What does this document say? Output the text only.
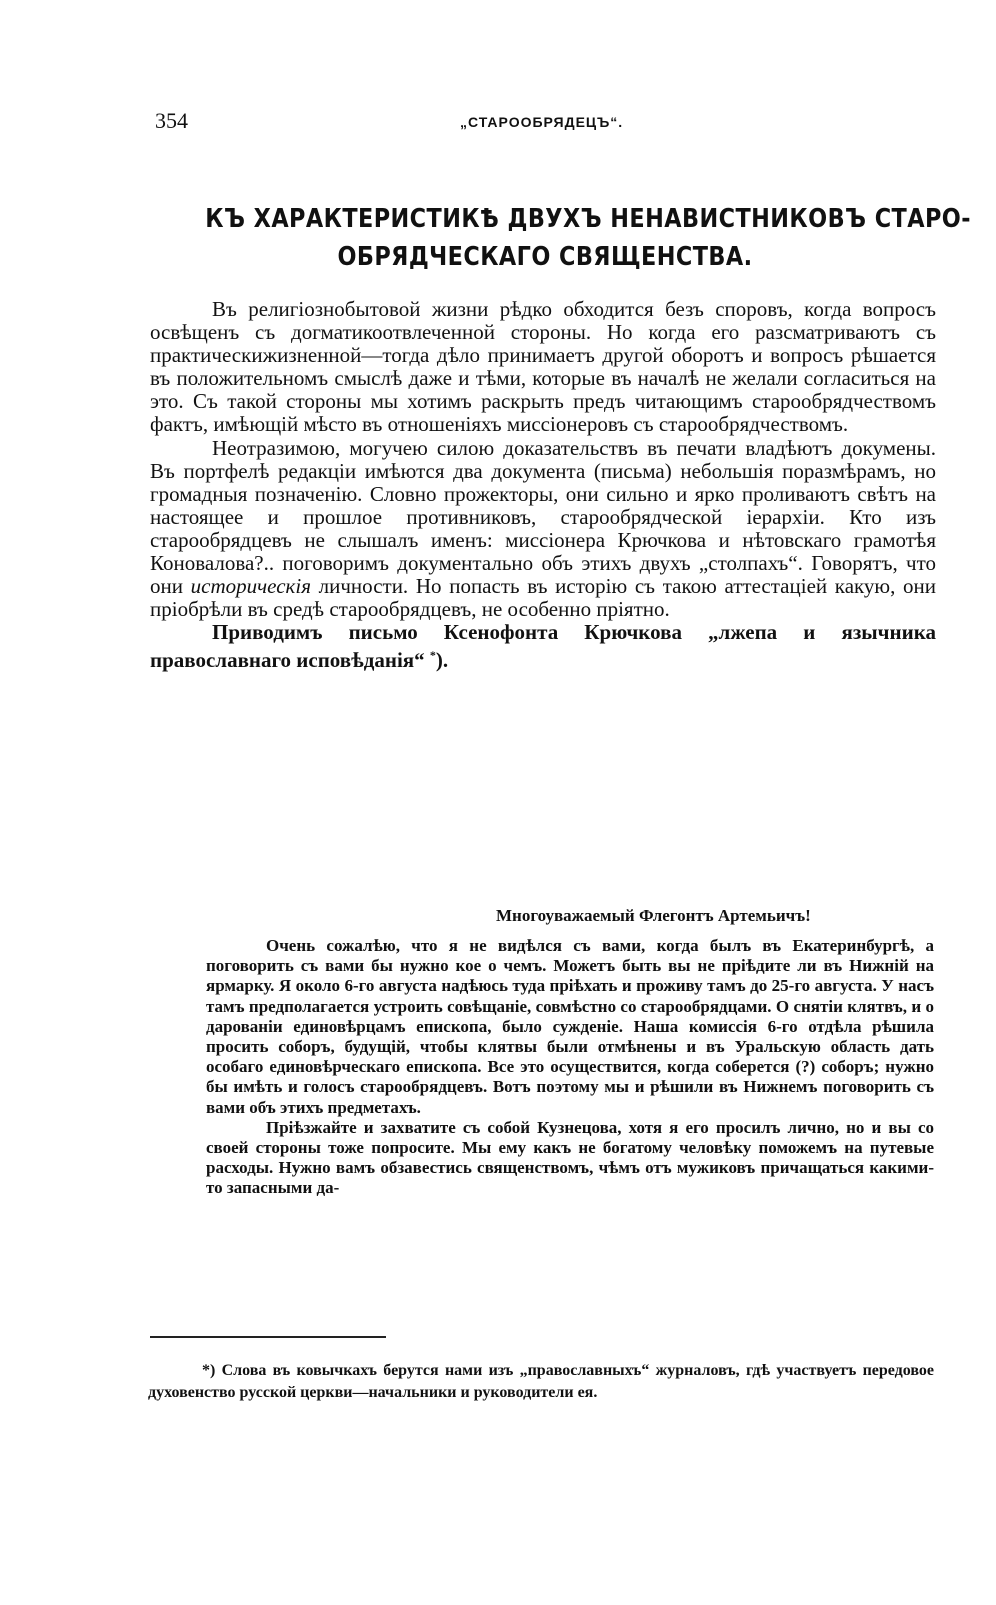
354	„СТАРООБРЯДЕЦЪ“.
КЪ ХАРАКТЕРИСТИКѢ ДВУХЪ НЕНАВИСТНИКОВЪ СТАРО-
ОБРЯДЧЕСКАГО СВЯЩЕНСТВА.

Въ религіознобытовой жизни рѣдко обходится безъ споровъ, когда вопросъ освѣщенъ съ догматикоотвлеченной стороны. Но когда его разсматриваютъ съ практическижизненной—тогда дѣло принимаетъ другой оборотъ и вопросъ рѣшается въ положительномъ смыслѣ даже и тѣми, которые въ началѣ не желали согласиться на это. Съ такой стороны мы хотимъ раскрыть предъ читающимъ старообрядчествомъ фактъ, имѣющій мѣсто въ отношеніяхъ миссіонеровъ съ старообрядчествомъ.

Неотразимою, могучею силою доказательствъ въ печати владѣютъ докумены. Въ портфелѣ редакціи имѣются два документа (письма) небольшія поразмѣрамъ, но громадныя позначенію. Словно прожекторы, они сильно и ярко проливаютъ свѣтъ на настоящее и прошлое противниковъ, старообрядческой іерархіи. Кто изъ старообрядцевъ не слышалъ именъ: миссіонера Крючкова и нѣтовскаго грамотѣя Коновалова?.. поговоримъ документально объ этихъ двухъ „столпахъ“. Говорятъ, что они историческія личности. Но попасть въ исторію съ такою аттестаціей какую, они пріобрѣли въ средѣ старообрядцевъ, не особенно пріятно.

Приводимъ письмо Ксенофонта Крючкова „лжепа и язычника православнаго исповѣданія“ *).

Многоуважаемый Флегонтъ Артемьичъ!

Очень сожалѣю, что я не видѣлся съ вами, когда былъ въ Екатеринбургѣ, а поговорить съ вами бы нужно кое о чемъ. Можетъ быть вы не пріѣдите ли въ Нижній на ярмарку. Я около 6-го августа надѣюсь туда пріѣхать и проживу тамъ до 25-го августа. У насъ тамъ предполагается устроить совѣщаніе, совмѣстно со старообрядцами. О снятіи клятвъ, и о дарованіи единовѣрцамъ епископа, было сужденіе. Наша комиссія 6-го отдѣла рѣшила просить соборъ, будущій, чтобы клятвы были отмѣнены и въ Уральскую область дать особаго единовѣрческаго епископа. Все это осуществится, когда соберется (?) соборъ; нужно бы имѣть и голосъ старообрядцевъ. Вотъ поэтому мы и рѣшили въ Нижнемъ поговорить съ вами объ этихъ предметахъ.

Пріѣзжайте и захватите съ собой Кузнецова, хотя я его просилъ лично, но и вы со своей стороны тоже попросите. Мы ему какъ не богатому человѣку поможемъ на путевые расходы. Нужно вамъ обзавестись священствомъ, чѣмъ отъ мужиковъ причащаться какими-то запасными да-

*) Слова въ ковычкахъ берутся нами изъ „православныхъ“ журналовъ, гдѣ участвуетъ передовое духовенство русской церкви—начальники и руководители ея.
